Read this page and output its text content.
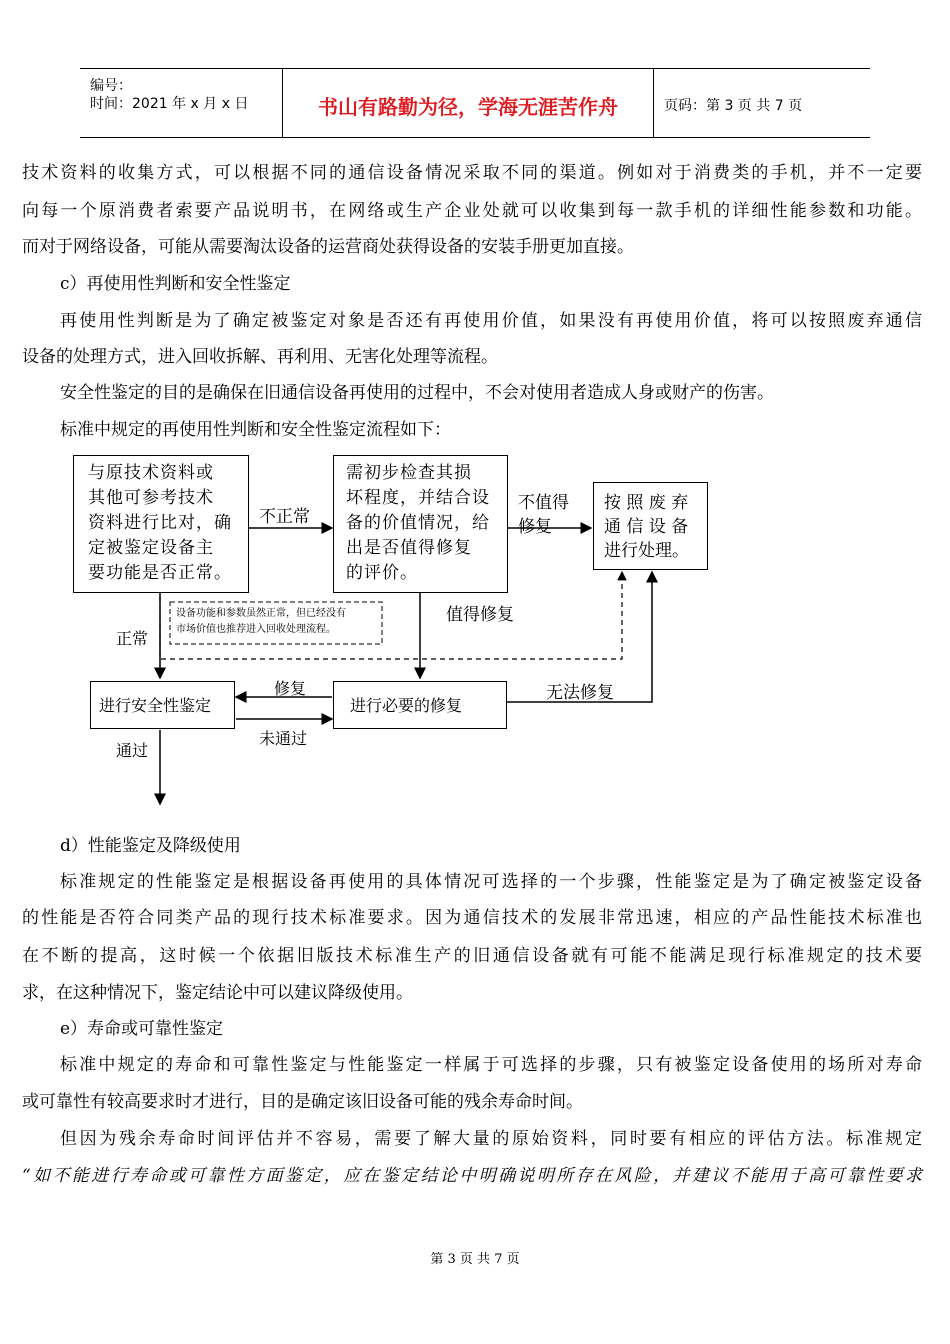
编号：
时间：2021 年 x 月 x 日	书山有路勤为径，学海无涯苦作舟	页码：第 3 页 共 7 页
技术资料的收集方式，可以根据不同的通信设备情况采取不同的渠道。例如对于消费类的手机，并不一定要
向每一个原消费者索要产品说明书，在网络或生产企业处就可以收集到每一款手机的详细性能参数和功能。
而对于网络设备，可能从需要淘汰设备的运营商处获得设备的安装手册更加直接。
c）再使用性判断和安全性鉴定
再使用性判断是为了确定被鉴定对象是否还有再使用价值，如果没有再使用价值，将可以按照废弃通信
设备的处理方式，进入回收拆解、再利用、无害化处理等流程。
安全性鉴定的目的是确保在旧通信设备再使用的过程中，不会对使用者造成人身或财产的伤害。
标准中规定的再使用性判断和安全性鉴定流程如下：
与原技术资料或
其他可参考技术
资料进行比对，确
定被鉴定设备主
要功能是否正常。
需初步检查其损
坏程度，并结合设
备的价值情况，给
出是否值得修复
的评价。
按 照 废 弃
通 信 设 备
进行处理。
进行安全性鉴定	进行必要的修复
不正常
不值得
修复
正常
值得修复
修复
未通过
无法修复
通过
设备功能和参数虽然正常，但已经没有
市场价值也推荐进入回收处理流程。
d）性能鉴定及降级使用
标准规定的性能鉴定是根据设备再使用的具体情况可选择的一个步骤，性能鉴定是为了确定被鉴定设备
的性能是否符合同类产品的现行技术标准要求。因为通信技术的发展非常迅速，相应的产品性能技术标准也
在不断的提高，这时候一个依据旧版技术标准生产的旧通信设备就有可能不能满足现行标准规定的技术要
求，在这种情况下，鉴定结论中可以建议降级使用。
e）寿命或可靠性鉴定
标准中规定的寿命和可靠性鉴定与性能鉴定一样属于可选择的步骤，只有被鉴定设备使用的场所对寿命
或可靠性有较高要求时才进行，目的是确定该旧设备可能的残余寿命时间。
但因为残余寿命时间评估并不容易，需要了解大量的原始资料，同时要有相应的评估方法。标准规定
“如不能进行寿命或可靠性方面鉴定，应在鉴定结论中明确说明所存在风险，并建议不能用于高可靠性要求
第 3 页 共 7 页
